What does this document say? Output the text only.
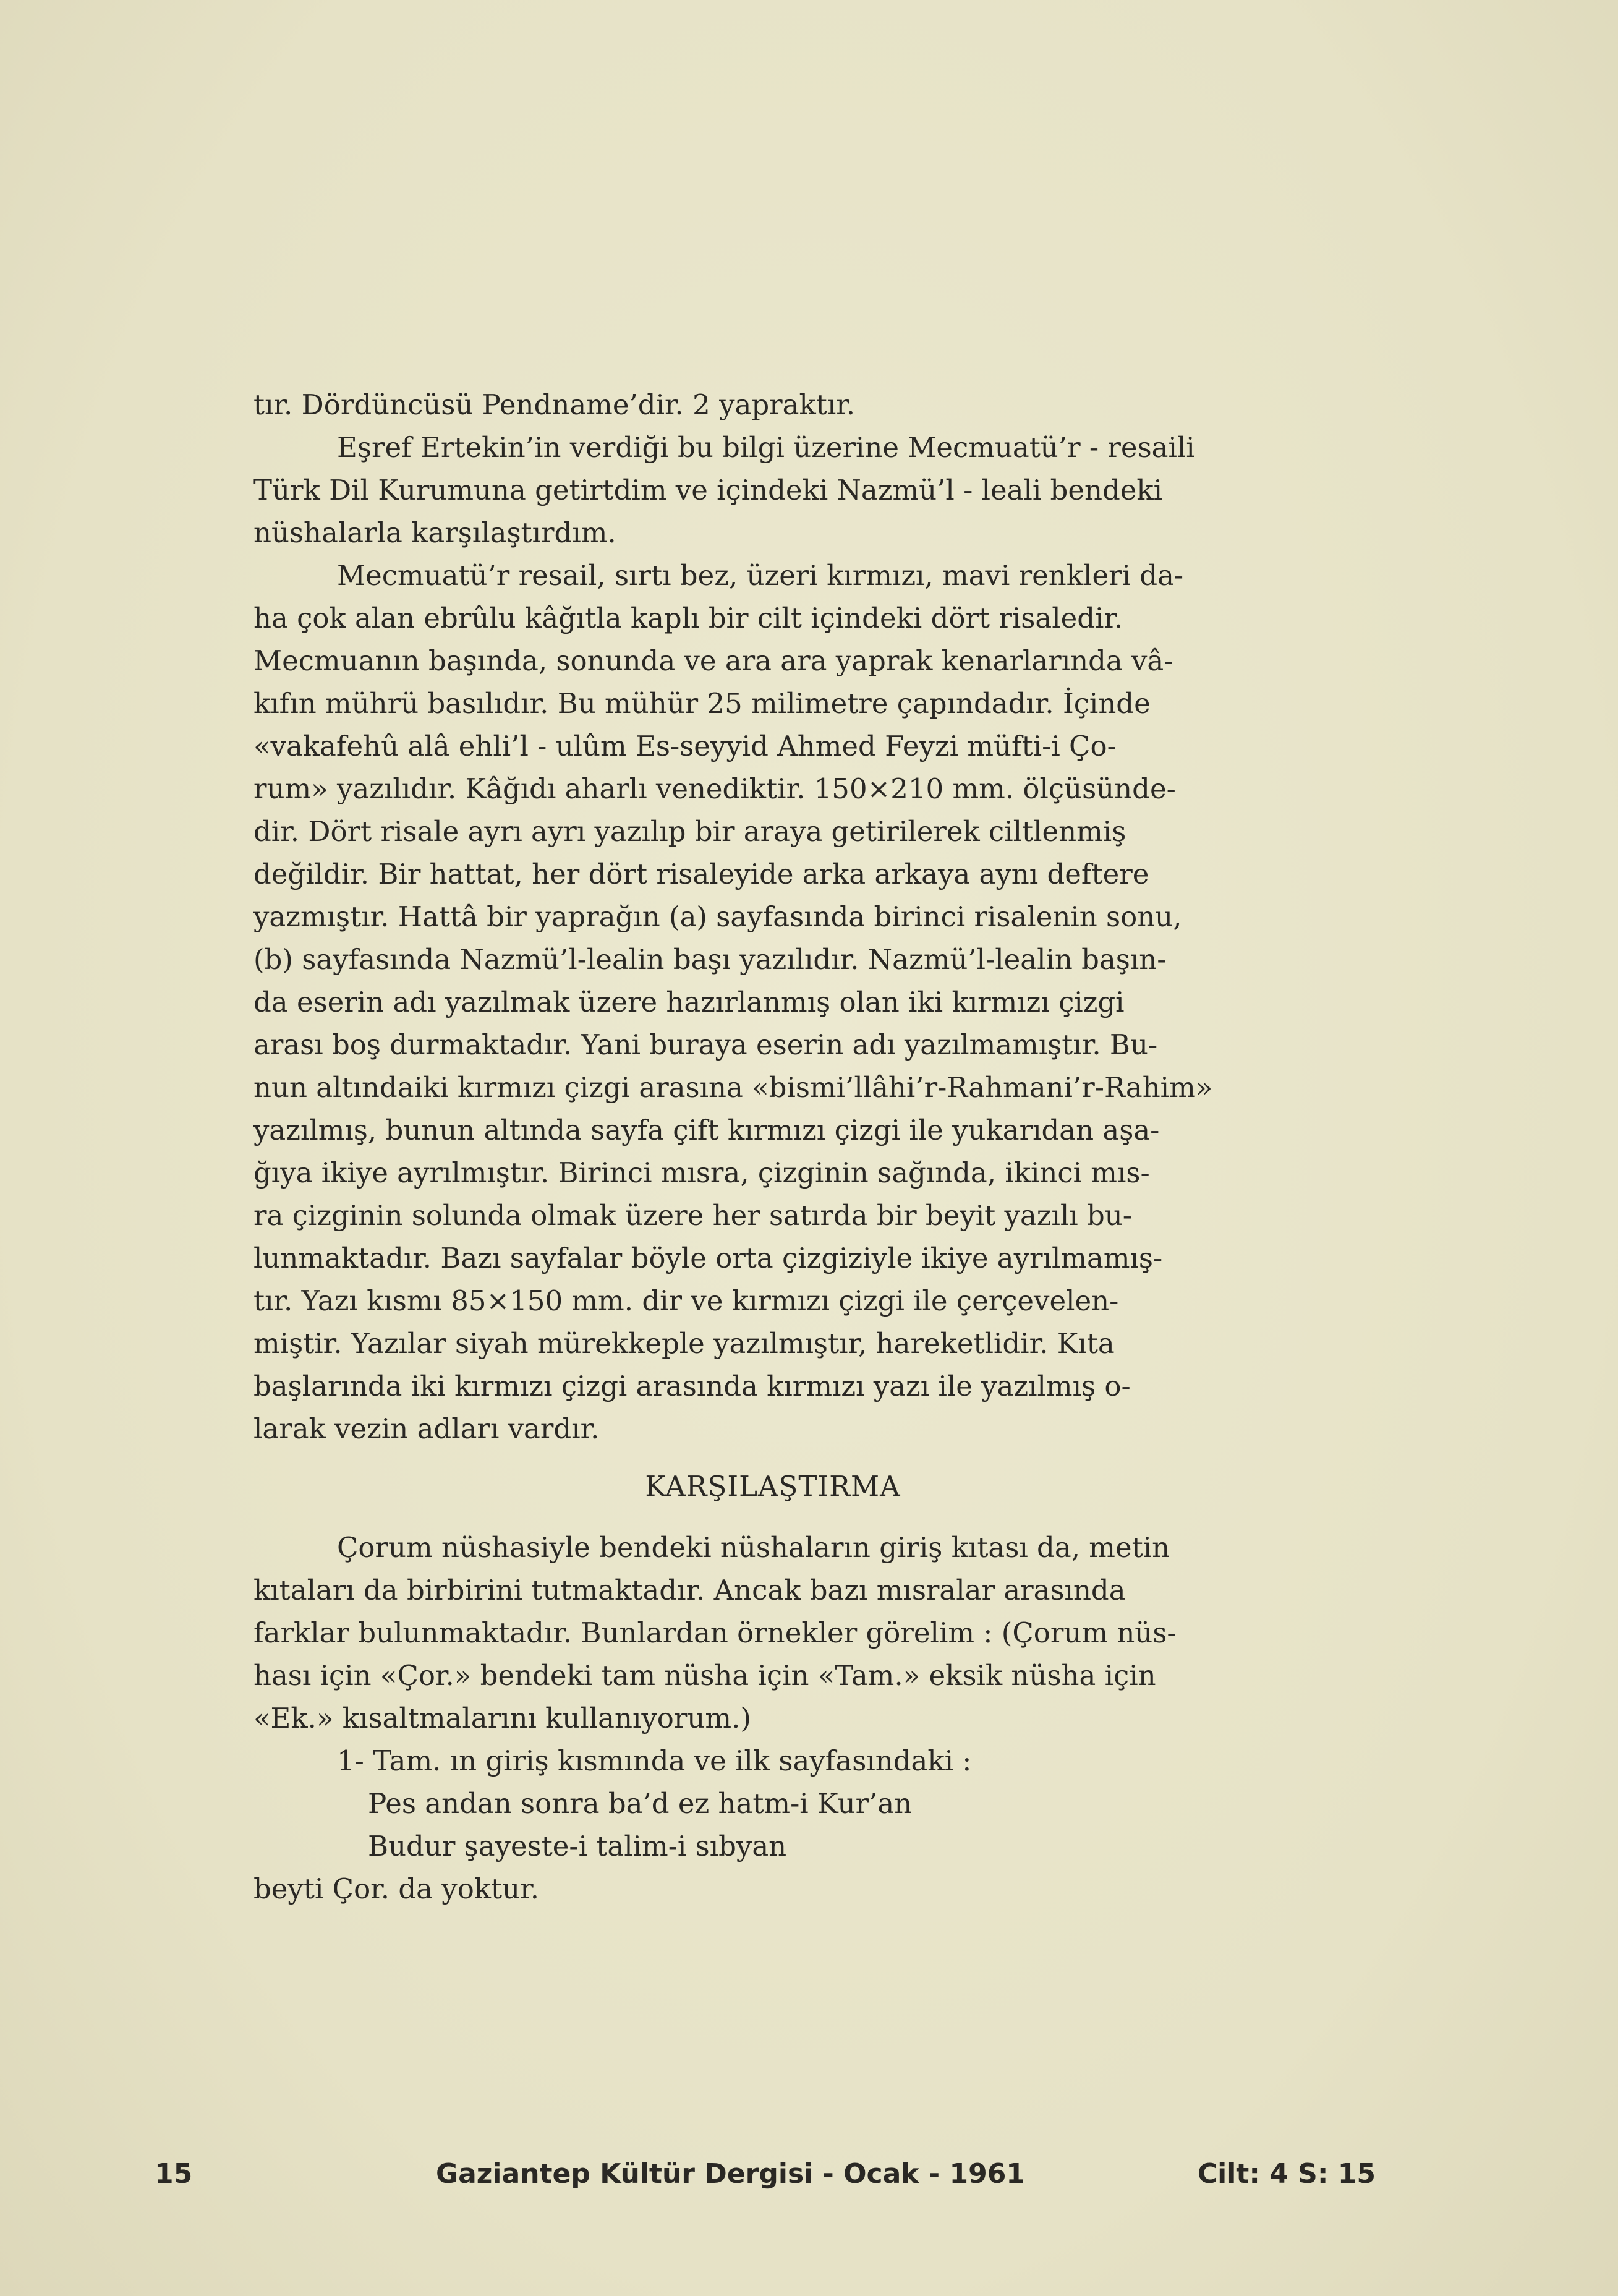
tır. Dördüncüsü Pendname’dir. 2 yapraktır.

Eşref Ertekin’in verdiği bu bilgi üzerine Mecmuatü’r - resaili
Türk Dil Kurumuna getirtdim ve içindeki Nazmü’l - leali bendeki
nüshalarla karşılaştırdım.

Mecmuatü’r resail, sırtı bez, üzeri kırmızı, mavi renkleri da-
ha çok alan ebrûlu kâğıtla kaplı bir cilt içindeki dört risaledir.
Mecmuanın başında, sonunda ve ara ara yaprak kenarlarında vâ-
kıfın mührü basılıdır. Bu mühür 25 milimetre çapındadır. İçinde
«vakafehû alâ ehli’l - ulûm Es-seyyid Ahmed Feyzi müfti-i Ço-
rum» yazılıdır. Kâğıdı aharlı venediktir. 150×210 mm. ölçüsünde-
dir. Dört risale ayrı ayrı yazılıp bir araya getirilerek ciltlenmiş
değildir. Bir hattat, her dört risaleyide arka arkaya aynı deftere
yazmıştır. Hattâ bir yaprağın (a) sayfasında birinci risalenin sonu,
(b) sayfasında Nazmü’l-lealin başı yazılıdır. Nazmü’l-lealin başın-
da eserin adı yazılmak üzere hazırlanmış olan iki kırmızı çizgi
arası boş durmaktadır. Yani buraya eserin adı yazılmamıştır. Bu-
nun altındaiki kırmızı çizgi arasına «bismi’llâhi’r-Rahmani’r-Rahim»
yazılmış, bunun altında sayfa çift kırmızı çizgi ile yukarıdan aşa-
ğıya ikiye ayrılmıştır. Birinci mısra, çizginin sağında, ikinci mıs-
ra çizginin solunda olmak üzere her satırda bir beyit yazılı bu-
lunmaktadır. Bazı sayfalar böyle orta çizgiziyle ikiye ayrılmamış-
tır. Yazı kısmı 85×150 mm. dir ve kırmızı çizgi ile çerçevelen-
miştir. Yazılar siyah mürekkeple yazılmıştır, hareketlidir. Kıta
başlarında iki kırmızı çizgi arasında kırmızı yazı ile yazılmış o-
larak vezin adları vardır.

KARŞILAŞTIRMA

Çorum nüshasiyle bendeki nüshaların giriş kıtası da, metin
kıtaları da birbirini tutmaktadır. Ancak bazı mısralar arasında
farklar bulunmaktadır. Bunlardan örnekler görelim : (Çorum nüs-
hası için «Çor.» bendeki tam nüsha için «Tam.» eksik nüsha için
«Ek.» kısaltmalarını kullanıyorum.)
1- Tam. ın giriş kısmında ve ilk sayfasındaki :
Pes andan sonra ba’d ez hatm-i Kur’an
Budur şayeste-i talim-i sıbyan
beyti Çor. da yoktur.

15	Gaziantep Kültür Dergisi - Ocak - 1961	Cilt: 4 S: 15
